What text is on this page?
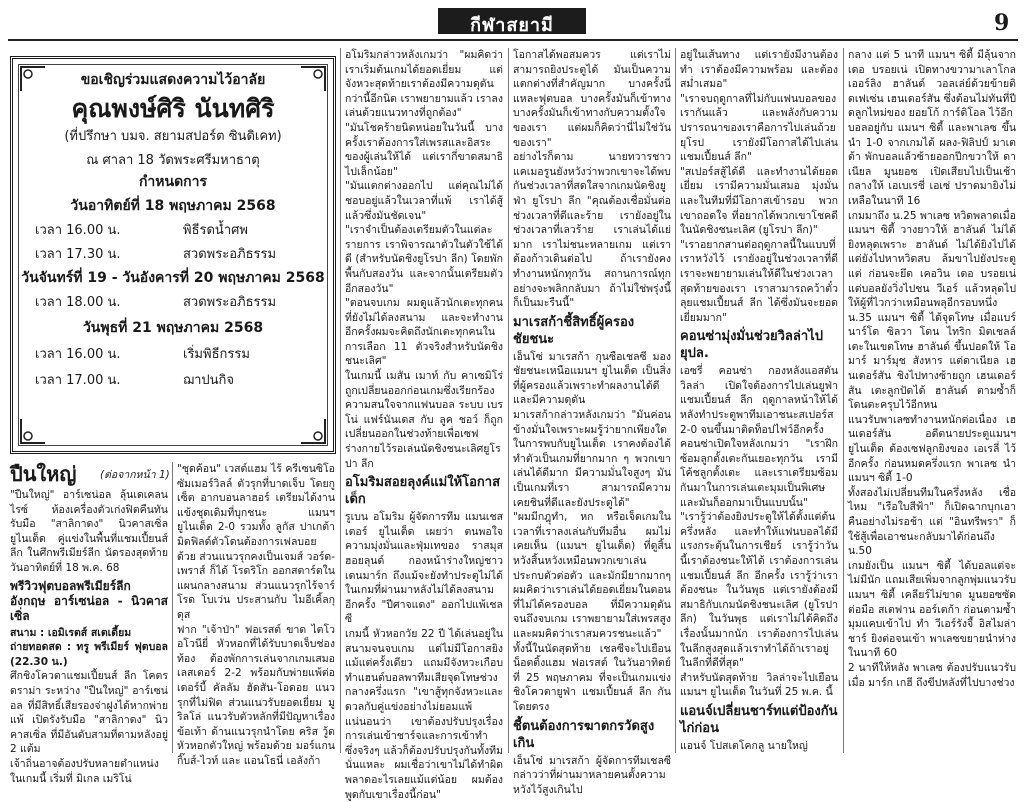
กีฬาสยามี	9
ขอเชิญร่วมแสดงความไว้อาลัย
คุณพงษ์ศิริ นันทศิริ
(ที่ปรึกษา บมจ. สยามสปอร์ต ซินดิเคท)
ณ ศาลา 18 วัดพระศรีมหาธาตุ
กำหนดการ
วันอาทิตย์ที่ 18 พฤษภาคม 2568
เวลา 16.00 น.	พิธีรดน้ำศพ
เวลา 17.30 น.	สวดพระอภิธรรม
วันจันทร์ที่ 19 - วันอังคารที่ 20 พฤษภาคม 2568
เวลา 18.00 น.	สวดพระอภิธรรม
วันพุธที่ 21 พฤษภาคม 2568
เวลา 16.00 น.	เริ่มพิธีกรรม
เวลา 17.00 น.	ฌาปนกิจ
ปืนใหญ่ (ต่อจากหน้า 1)

"ปืนใหญ่" อาร์เซน่อล ลุ้นเดเคลน ไรซ์ ห้องเครื่องตัวเก่งฟิตคืนทันรับมือ "สาลิกาดง" นิวคาสเซิ่ล ยูไนเต็ด คู่แข่งในพื้นที่แชมเปี้ยนส์ ลีก ในศึกพรีเมียร์ลีก นัดรองสุดท้าย วันอาทิตย์ที่ 18 พ.ค. 68

พรีวิวฟุตบอลพรีเมียร์ลีก อังกฤษ อาร์เซน่อล - นิวคาสเซิ่ล

สนาม : เอมิเรตส์ สเตเดี้ยม

ถ่ายทอดสด : ทรู พรีเมียร์ ฟุตบอล (22.30 น.)

ศึกชิงโควตาแชมเปี้ยนส์ ลีก โคตรดราม่า ระหว่าง "ปืนใหญ่" อาร์เซน่อล ที่มีสิทธิ์เสียรองจ่าฝูงได้หากพ่ายแพ้ เปิดรังรับมือ "สาลิกาดง" นิวคาสเซิ่ล ที่มีอันดับสามที่ตามหลังอยู่ 2 แต้ม

เจ้าถิ่นอาจต้องปรับหลายตำแหน่งในเกมนี้ เริ่มที่ มิเกล เมริโน่

"ชุดค้อน" เวสต์แฮม ไร้ ครีเซนซิโอ ซัมเมอร์วิลล์ ตัวรุกที่บาดเจ็บ โดยกูเซ็ต อากบอนลาฮอร์ เตรียมได้งานแข้งชุดเดิมที่บุกชนะ แมนฯ ยูไนเต็ด 2-0 รวมทั้ง ลูกัส ปาเกต้า มิดฟิลด์ตัวโดนต้องการเฟลบอยด้วย ส่วนแนวรุกคงเป็นเจมส์ วอร์ด-เพราส์ ก็ได้ โรดริโก ออกสตาร์ตในแผนกลางสนาม ส่วนแนวรุกไร้จาร์โรด โบเว่น ประสานกับ ไมอีเคิ้ลกุดุส

ฟาก "เจ้าป่า" ฟอเรสต์ ขาด ไตโว อโวนียี่ หัวหอกที่ได้รับบาดเจ็บช่องท้อง ต้องพักการเล่นจากเกมเสมอเลสเตอร์ 2-2 พร้อมกับพ่ายแพ้ต่อ เดอร์บี้ คัลลัม ฮัดสัน-โอดอย แนวรุกที่ไม่ฟิต ส่วนแนวรับยอดเยี่ยม มูริลโล่ แนวรับตัวหลักที่มีปัญหาเรื่องข้อเท้า ด้านแนวรุกนำโดย คริส วู้ด หัวหอกตัวใหญ่ พร้อมด้วย มอร์แกน กิ๊บส์-ไวท์ และ แอนโธนี่ เอลังก้า

อโมริมกล่าวหลังเกมว่า "ผมคิดว่าเราเริ่มต้นเกมได้ยอดเยี่ยม แต่จังหวะสุดท้ายเราต้องมีความดุดันกว่านี้อีกนิด เราพยายามแล้ว เราลงเล่นด้วยแนวทางที่ถูกต้อง"

"มันโชคร้ายนิดหน่อยในวันนี้ บางครั้งเราต้องการใส่เพรสและอิสระของผู้เล่นให้ได้ แต่เรากี่ขาดสมาธิไปเล็กน้อย"

"มันแตกต่างออกไป แต่คุณไม่ได้ชอบอยู่แล้วในเวลาที่แพ้ เราได้สู้แล้วซึ่งมันชัดเจน"

"เราจำเป็นต้องเตรียมตัวในแต่ละรายการ เราพิจารณาตัวในตัวใช้ได้ดี (สำหรับนัดชิงยูโรปา ลีก) โดยพักพื้นกับสองวัน และจากนั้นเตรียมตัวอีกสองวัน"

"ตอนจบเกม ผมดูแล้วนักเตะทุกคนที่ยังไม่ได้ลงสนาม และจะทำงานอีกครั้งผมจะคิดถึงนักเตะทุกคนในการเลือก 11 ตัวจริงสำหรับนัดชิงชนะเลิศ"

ในเกมนี้ เมสัน เมาท์ กับ คาเซมิโร่ ถูกเปลี่ยนออกก่อนเกมซึ่งเรียกร้องความสนใจจากแฟนบอล ระบบ เบรโน่ แฟร์นันเดส กับ ลูค ชอว์ ก็ถูกเปลี่ยนออกในช่วงท้ายเพื่อเซฟร่างกายไว้รอเล่นนัดชิงชนะเลิศยูโรปา ลีก

อโมริมสอยลุงค์แม่ให้โอกาสเด็ก

รูเบน อโมริม ผู้จัดการทีม แมนเชสเตอร์ ยูไนเต็ด เผยว่า ตนพอใจความมุ่งมั่นและฟุ่มเทของ ราสมุส ฮอยลุนด์ กองหน้าร่างใหญ่ชาวเดนมาร์ก ถึงแม้จะยังทำประตูไม่ได้ในเกมที่ผ่านมาหลังไม่ได้ลงสนามอีกครั้ง "ปีศาจแดง" ออกไปแพ้เชลซี

เกมนี้ หัวหอกวัย 22 ปี ได้เล่นอยู่ในสนามจนจบเกม แต่ไม่มีโอกาสยิงแม้แต่ครั้งเดียว แถมมีจังหวะเกือบทำแฮนด์บอลพาทีมเสียจุดโทษช่วงกลางครึ่งแรก "เขาสู้ทุกจังหวะและ ดวลกับคู่แข่งอย่างไม่ยอมแพ้ แน่นอนว่า เขาต้องปรับปรุงเรื่องการเล่นเข้าชาร์จและการเข้าทำ ซึ่งจริงๆ แล้วก็ต้องปรับปรุงกันทั้งทีม นั่นแหละ ผมเชื่อว่าเขาไม่ได้ทำผิดพลาดอะไรเลยแม้แต่น้อย ผมต้องพูดกับเขาเรื่องนี้ก่อน"

โอกาสได้พอสมควร แต่เราไม่สามารถยิงประตูได้ มันเป็นความแตกต่างที่สำคัญมาก บางครั้งนี่แหละฟุตบอล บางครั้งมันก็เข้าทาง บางครั้งมันก็เข้าทางกับความตั้งใจของเรา แต่ผมก็คิดว่านี่ไม่ใช่วันของเรา"

อย่างไรก็ตาม นายทวารชาวแคเมอรูนยังหวังว่าพวกเขาจะได้พบกันช่วงเวลาที่สดใสจากเกมนัดชิงยูฟ่า ยูโรปา ลีก "คุณต้องเชื่อมั่นต่อช่วงเวลาที่ดีและร้าย เรายังอยู่ในช่วงเวลาที่เลวร้าย เราเล่นได้แย่มาก เราไม่ชนะหลายเกม แต่เราต้องก้าวเดินต่อไป ถ้าเรายังคงทำงานหนักทุกวัน สถานการณ์ทุกอย่างจะพลิกกลับมา ถ้าไม่ใช่พรุ่งนี้ก็เป็นมะรืนนี้"

มาเรสก้าชี้สิทธิ์ผู้ครองชัยชนะ

เอ็นโซ่ มาเรสก้า กุนซือเชลซี มองชัยชนะเหนือแมนฯ ยูไนเต็ด เป็นสิ่งที่ผู้ครองแล้วเพราะทำผลงานได้ดีและมีความดุดัน

มาเรสก้ากล่าวหลังเกมว่า "มันค่อนข้างมั่นใจเพราะผมรู้ว่ายากเพียงใดในการพบกับยูไนเต็ด เราคงต้องได้ทำตัวเป็นเกมที่ยากมาก ๆ พวกเขาเล่นได้ดีมาก มีความมั่นใจสูงๆ มันเป็นเกมที่เรา สามารถมีความเคยชินที่ดีและยังประตูได้"

"ผมมีกฎุทำ, หก หรือเจ็ดเกมในเวลาที่เราลงเล่นกับทีมอื่น ผมไม่เคยเห็น (แมนฯ ยูไนเต็ด) ที่ดูสิ้นหวังสิ้นหวังเหมือนพวกเขาเล่นประกบตัวต่อตัว และมักมียากมากๆ ผมคิดว่าเราเล่นได้ยอดเยี่ยมในตอนที่ไม่ได้ครองบอล ที่มีความดุดันจนถึงจบเกม เราพยายามใส่เพรสสูง และผมคิดว่าเราสมควรชนะแล้ว"

ทั้งนี้ในนัดสุดท้าย เชลซีจะไปเยือนน็อตติ้งแฮม ฟอเรสต์ ในวันอาทิตย์ที่ 25 พฤษภาคม ที่จะเป็นเกมแข่งชิงโควตายูฟ่า แชมเปี้ยนส์ ลีก กันโดยตรง

ชี้ตนต้องการฆาตกรวัดสูงเกิน

เอ็นโซ่ มาเรสก้า ผู้จัดการทีมเชลซี กล่าวว่าที่ผ่านมาหลายคนตั้งความหวังไว้สูงเกินไป

อยู่ในเส้นทาง แต่เรายังมีงานต้องทำ เราต้องมีความพร้อม และต้องสม่ำเสมอ"

"เราจบฤดูกาลที่ไม่กับแฟนบอลของเรากันแล้ว และพลังกับความปรารถนาของเราคือการไปเล่นถ้วยยุโรป เรายังมีโอกาสได้ไปเล่นแชมเปี้ยนส์ ลีก"

"สเปอร์สสู้ได้ดี และทำงานได้ยอดเยี่ยม เรามีความมั่นเสมอ มุ่งมั่นและในทีมที่มีโอกาสเข้ารอบ พวกเขาถอดใจ ที่อยากได้พวกเขาโชคดีในนัดชิงชนะเลิศ (ยูโรปา ลีก)"

"เราอยากสานต่อฤดูกาลนี้ในแบบที่เราหวังไว้ เรายังอยู่ในช่วงเวลาที่ดีเราจะพยายามเล่นให้ดีในช่วงเวลาสุดท้ายของเรา เราสามารถคว้าตั๋วลุยแชมเปี้ยนส์ ลีก ได้ซึ่งมันจะยอดเยี่ยมมาก"

คอนซ่ามุ่งมั่นช่วยวิลล่าไปยุปล.

เอซรี่ คอนซ่า กองหลังแอสตัน วิลล่า เปิดใจต้องการไปเล่นยูฟ่าแชมเปี้ยนส์ ลีก ฤดูกาลหน้าให้ได้ หลังทำประตูพาทีมเอาชนะสเปอร์ส 2-0 จนขึ้นมาติดท็อปไฟว์อีกครั้ง

คอนซ่าเปิดใจหลังเกมว่า "เราฝึกซ้อมลูกตั้งเตะกันเยอะทุกวัน เรามีโค้ชลูกตั้งเตะ และเราเตรียมซ้อมกันมาในการเล่นเตะมุมเป็นพิเศษ และมันก็ออกมาเป็นแบบนั้น"

"เรารู้ว่าต้องยิงประตูให้ได้ตั้งแต่ต้นครึ่งหลัง และทำให้แฟนบอลได้มีแรงกระตุ้นในการเชียร์ เรารู้ว่าวันนี้เราต้องชนะให้ได้ เราต้องการเล่นแชมเปี้ยนส์ ลีก อีกครั้ง เรารู้ว่าเราต้องชนะ ในวันพุธ แต่เรายังต้องมีสมาธิกับเกมนัดชิงชนะเลิศ (ยูโรปา ลีก) ในวันพุธ แต่เราไม่ได้คิดถึงเรื่องนั้นมากนัก เราต้องการไปเล่นในลีกสูงสุดแล้วเราทำได้ถ้าเราอยู่ในลีกที่ดีที่สุด"

สำหรับนัดสุดท้าย วิลล่าจะไปเยือนแมนฯ ยูไนเต็ด ในวันที่ 25 พ.ค. นี้

แอนจ์เปลี่ยนชาร์ทแต่ป้องกันไก่ก่อน

แอนจ์ โปสเตโคกลู นายใหญ่

กลาง แต่ 5 นาที แมนฯ ซิตี้ มีลุ้นจากเดอ บรอยเน่ เปิดทางขวามาเลาโกลเออร์ลิง ฮาลันด์ วอลเล่ย์ด้วยข้ายติดเฟเซ่น เฮนเดอร์สัน ซึ่งต้อนไม่ทันที่ปีดลูกไหม่ของ ยอยโก้ การ์ดิโอล ไว้อีก

บอลอยู่กับ แมนฯ ซิตี้ และพาเลซ ขึ้นนำ 1-0 จากเกมได้ ผลง-ฟิลิปป์ มาเตต้า พักบอลแล้วซ้ายออกปีกขวาให้ ดาเนียล มูนยอซ เปิดเสียบไปเป็นเช้ากลางให้ เอเบเรชี่ เอเซ่ ปราดมายิงไม่เหลือในนาที 16

เกมมาถึง น.25 พาเลซ หวิดพลาดเมื่อแมนฯ ซิตี้ วางยาวให้ ฮาลันด์ ไม่ได้ยิงหลุดเพราะ ฮาลันด์ ไม่ได้ยิงไปได้ แต่ยังไปหาหวิดสบ ล้มขาไปยังประตูแต่ ก่อนจะยึด เคอวิน เดอ บรอยเน่ แต่บอลยังวิ่งไปชน วีเอร์ แล้วหลุดไปให้ผู้ที่ไวกว่าเหมือนพลุอีกรอบหนึ่ง

น.35 แมนฯ ซิตี้ ได้จุดโทษ เมื่อแบร์นาร์โด ซิลวา โดน ไทริก มิตเชลล์ เตะในเขตโทษ ฮาลันด์ ขึ้นปอดให้ โอมาร์ มาร์มุช สังหาร แต่ดาเนียล เฮนเดอร์สัน ชิงไปทางซ้ายถูก เฮนเดอร์สัน เตะลูกปัดได้ ฮาลันด์ ตามซ้ำก็โดนตะครุบไว้อีกหน

แนวรับพาเลซทำงานหนักต่อเนื่อง เฮนเดอร์สัน อดีตนายประตูแมนฯ ยูไนเต็ด ต้องเซฟลูกยิงของ เอเรลี่ ไว้อีกครั้ง ก่อนหมดครึ่งแรก พาเลซ นำ แมนฯ ซิตี้ 1-0

ทั้งสองไม่เปลี่ยนทีมในครึ่งหลัง เชื่อไหม "เรือใบสีฟ้า" ก็เปิดฉากบุกเอาคืนอย่างไม่รอช้า แต่ "อินทรีพรา" ก็ใช้สู้เพื่อเอาชนะกลับมาได้ก่อนถึง น.50

เกมยังเป็น แมนฯ ซิตี้ ได้บอลแต่จะไม่มีนัก แถมเสียเพิ่มจากลูกพุ่มแนวรับแมนฯ ซิตี้ เคลียร์ไม่ขาด มูนยอซซัดต่อมือ สเตฟาน ออร์เตก้า ก่อนตามซ้ำมุมแคบเข้าไป ทำ วีเอร์รังจี้ อิสไมล่าชาร์ ยิงต่อจนเข้า พาเลซขยายนำห่างในนาที 60

2 นาทีให้หลัง พาเลซ ต้องปรับแนวรับเมื่อ มาร์ก เกฮี ถึงขีปหลังที่ไปบางช่วง
